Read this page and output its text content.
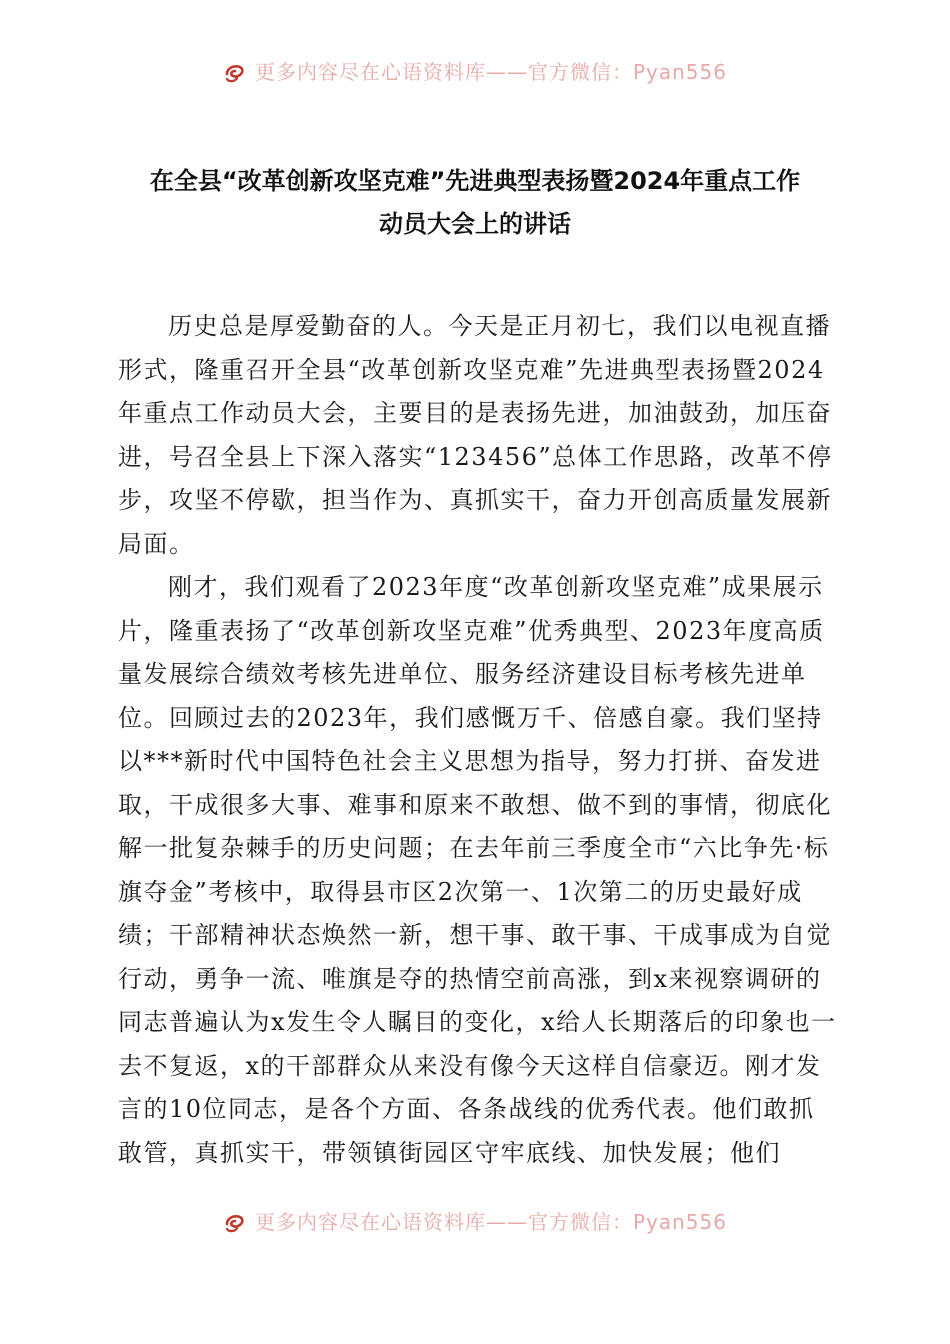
更多内容尽在心语资料库——官方微信：Pyan556
在全县“改革创新攻坚克难”先进典型表扬暨2024年重点工作
动员大会上的讲话

历史总是厚爱勤奋的人。今天是正月初七，我们以电视直播形式，隆重召开全县“改革创新攻坚克难”先进典型表扬暨2024年重点工作动员大会，主要目的是表扬先进，加油鼓劲，加压奋进，号召全县上下深入落实“123456”总体工作思路，改革不停步，攻坚不停歇，担当作为、真抓实干，奋力开创高质量发展新局面。

刚才，我们观看了2023年度“改革创新攻坚克难”成果展示片，隆重表扬了“改革创新攻坚克难”优秀典型、2023年度高质量发展综合绩效考核先进单位、服务经济建设目标考核先进单位。回顾过去的2023年，我们感慨万千、倍感自豪。我们坚持以***新时代中国特色社会主义思想为指导，努力打拼、奋发进取，干成很多大事、难事和原来不敢想、做不到的事情，彻底化解一批复杂棘手的历史问题；在去年前三季度全市“六比争先·标旗夺金”考核中，取得县市区2次第一、1次第二的历史最好成绩；干部精神状态焕然一新，想干事、敢干事、干成事成为自觉行动，勇争一流、唯旗是夺的热情空前高涨，到x来视察调研的同志普遍认为x发生令人瞩目的变化，x给人长期落后的印象也一去不复返，x的干部群众从来没有像今天这样自信豪迈。刚才发言的10位同志，是各个方面、各条战线的优秀代表。他们敢抓敢管，真抓实干，带领镇街园区守牢底线、加快发展；他们

更多内容尽在心语资料库——官方微信：Pyan556
